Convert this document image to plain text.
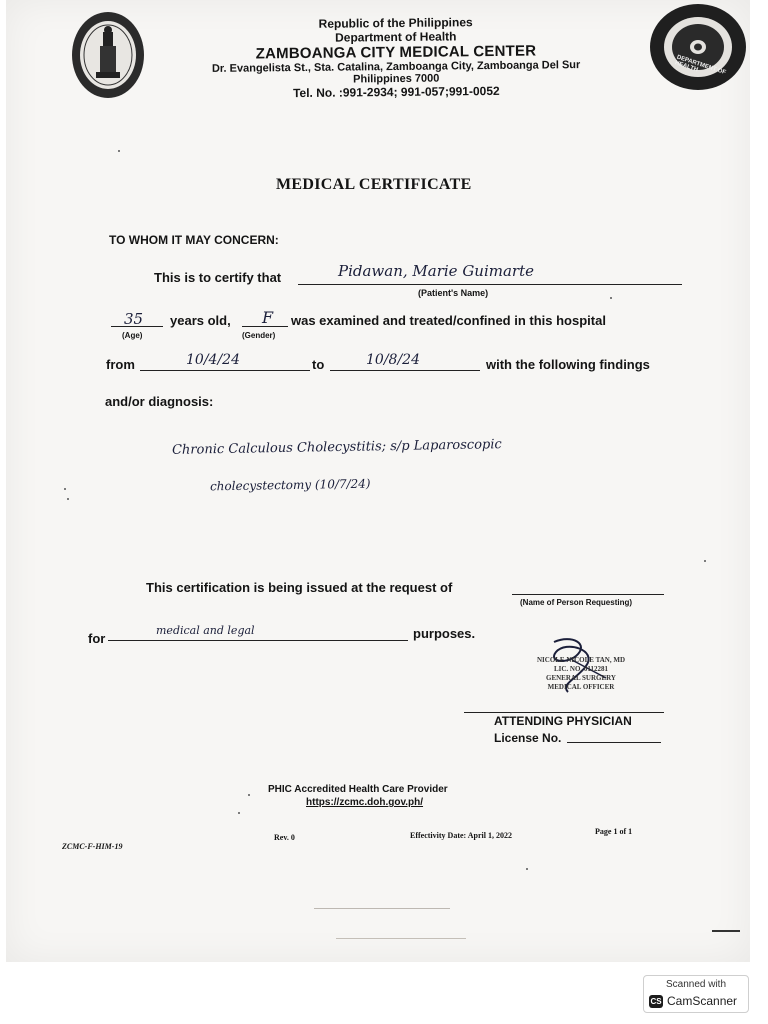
DEPARTMENT OF HEALTH
Republic of the Philippines
Department of Health
ZAMBOANGA CITY MEDICAL CENTER
Dr. Evangelista St., Sta. Catalina, Zamboanga City, Zamboanga Del Sur
Philippines 7000
Tel. No. :991-2934; 991-057;991-0052
MEDICAL CERTIFICATE
TO WHOM IT MAY CONCERN:
This is to certify that	Pidawan, Marie Guimarte
(Patient's Name)
35
(Age)
years old, F
(Gender)
was examined and treated/confined in this hospital
from	10/4/24	to	10/8/24	with the following findings
and/or diagnosis:
Chronic Calculous Cholecystitis; s/p Laparoscopic
cholecystectomy (10/7/24)
This certification is being issued at the request of
(Name of Person Requesting)
for
medical and legal	purposes.
NICOLE NICOLE TAN, MD
LIC. NO. 0112281
GENERAL SURGERY
MEDICAL OFFICER
ATTENDING PHYSICIAN
License No.
PHIC Accredited Health Care Provider
https://zcmc.doh.gov.ph/
ZCMC-F-HIM-19
Rev. 0	Effectivity Date: April 1, 2022	Page 1 of 1
Scanned with
CS CamScanner
